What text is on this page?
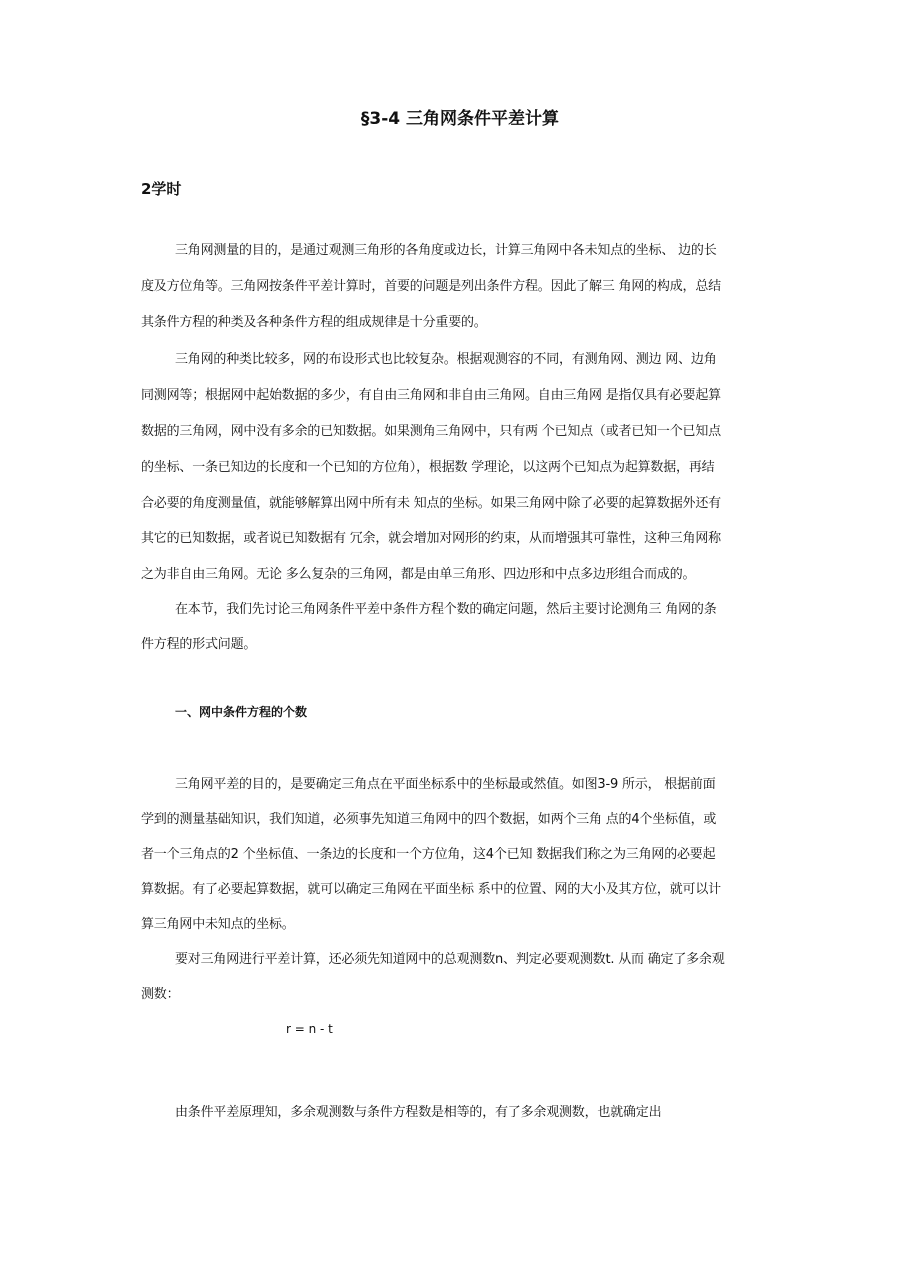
§3-4 三角网条件平差计算
2学时
三角网测量的目的，是通过观测三角形的各角度或边长，计算三角网中各未知点的坐标、 边的长
度及方位角等。三角网按条件平差计算时，首要的问题是列出条件方程。因此了解三 角网的构成，总结
其条件方程的种类及各种条件方程的组成规律是十分重要的。
三角网的种类比较多，网的布设形式也比较复杂。根据观测容的不同，有测角网、测边 网、边角
同测网等；根据网中起始数据的多少，有自由三角网和非自由三角网。自由三角网 是指仅具有必要起算
数据的三角网，网中没有多余的已知数据。如果测角三角网中，只有两 个已知点（或者已知一个已知点
的坐标、一条已知边的长度和一个已知的方位角），根据数 学理论，以这两个已知点为起算数据，再结
合必要的角度测量值，就能够解算出网中所有未 知点的坐标。如果三角网中除了必要的起算数据外还有
其它的已知数据，或者说已知数据有 冗余，就会增加对网形的约束，从而增强其可靠性，这种三角网称
之为非自由三角网。无论 多么复杂的三角网，都是由单三角形、四边形和中点多边形组合而成的。
在本节，我们先讨论三角网条件平差中条件方程个数的确定问题，然后主要讨论测角三 角网的条
件方程的形式问题。
一、网中条件方程的个数
三角网平差的目的，是要确定三角点在平面坐标系中的坐标最或然值。如图3-9 所示， 根据前面
学到的测量基础知识，我们知道，必须事先知道三角网中的四个数据，如两个三角 点的4个坐标值，或
者一个三角点的2 个坐标值、一条边的长度和一个方位角，这4个已知 数据我们称之为三角网的必要起
算数据。有了必要起算数据，就可以确定三角网在平面坐标 系中的位置、网的大小及其方位，就可以计
算三角网中未知点的坐标。
要对三角网进行平差计算，还必须先知道网中的总观测数n、判定必要观测数t. 从而 确定了多余观
测数：
r = n - t
由条件平差原理知，多余观测数与条件方程数是相等的，有了多余观测数，也就确定出
